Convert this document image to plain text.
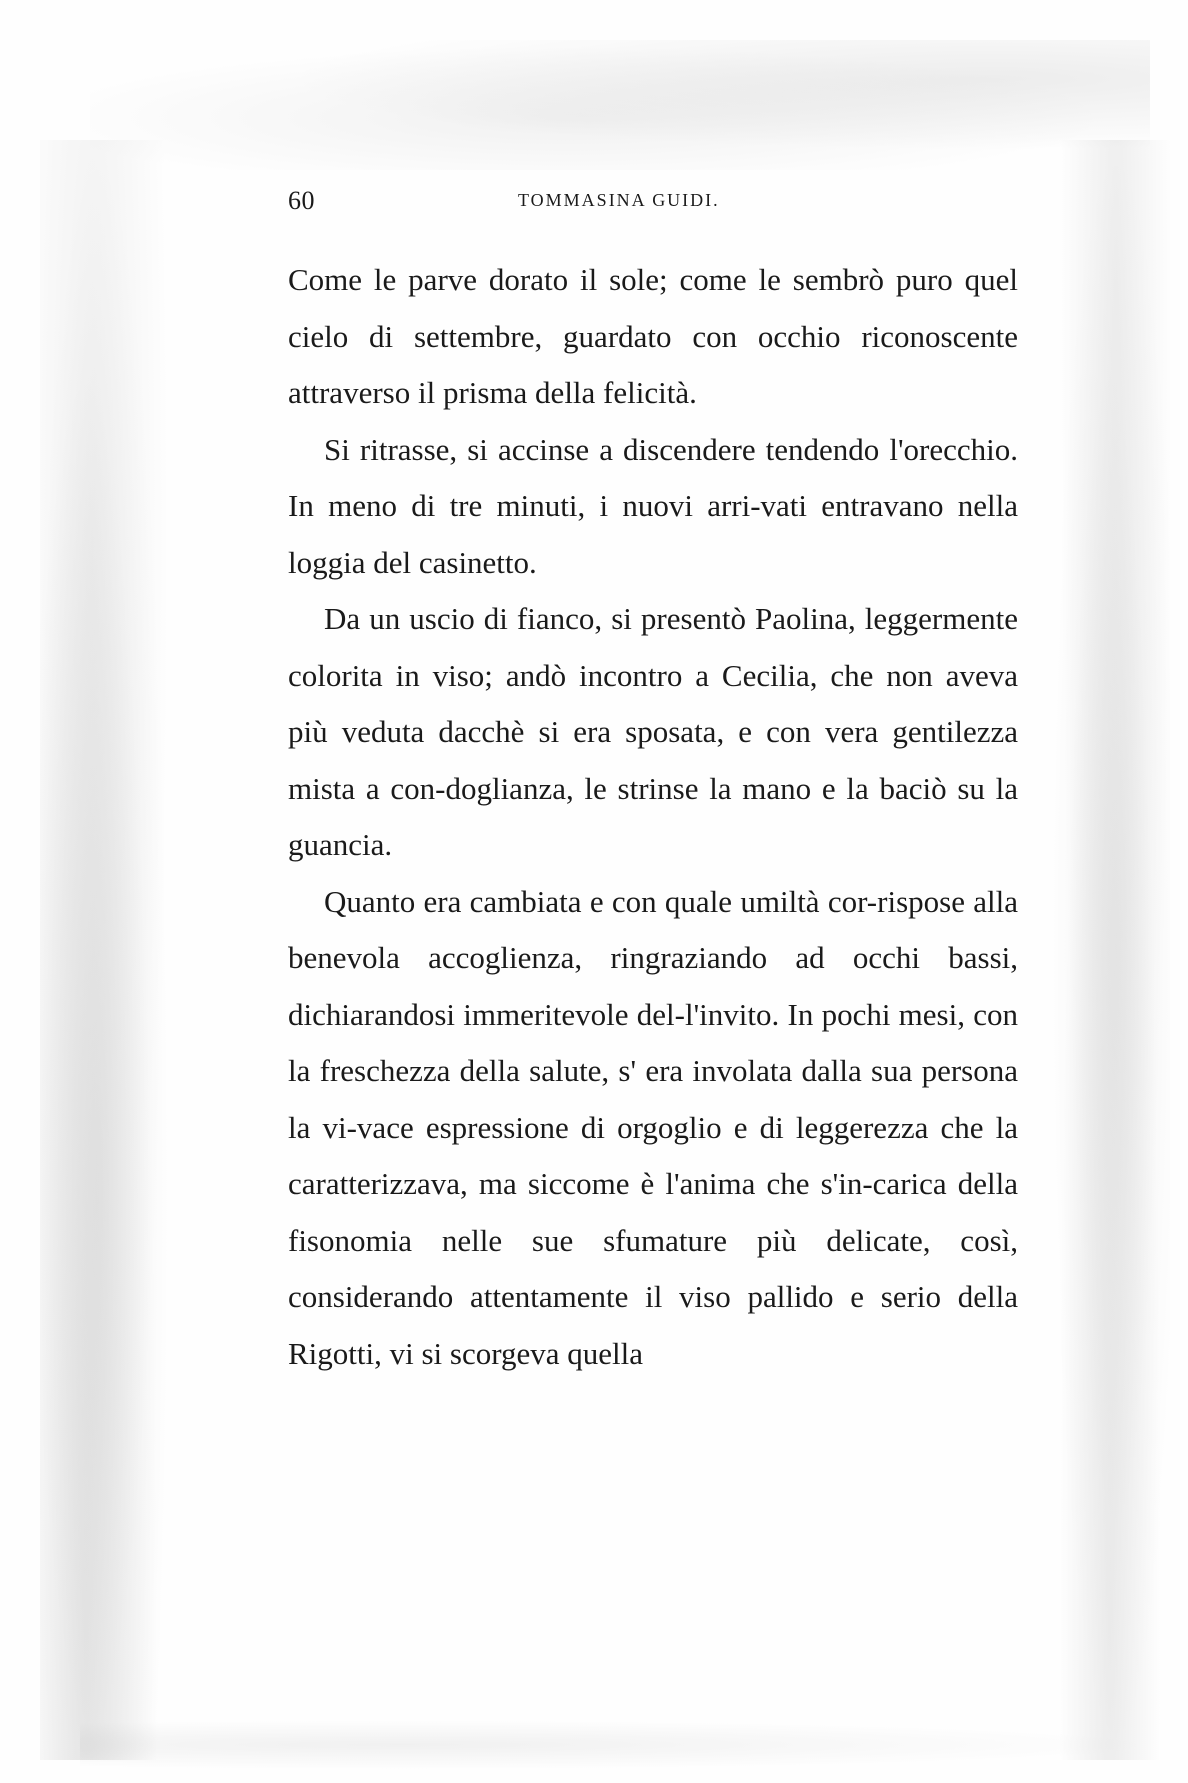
60	TOMMASINA GUIDI.

Come le parve dorato il sole; come le sembrò puro quel cielo di settembre, guardato con occhio riconoscente attraverso il prisma della felicità.

Si ritrasse, si accinse a discendere tendendo l'orecchio. In meno di tre minuti, i nuovi arri-vati entravano nella loggia del casinetto.

Da un uscio di fianco, si presentò Paolina, leggermente colorita in viso; andò incontro a Cecilia, che non aveva più veduta dacchè si era sposata, e con vera gentilezza mista a con-doglianza, le strinse la mano e la baciò su la guancia.

Quanto era cambiata e con quale umiltà cor-rispose alla benevola accoglienza, ringraziando ad occhi bassi, dichiarandosi immeritevole del-l'invito. In pochi mesi, con la freschezza della salute, s' era involata dalla sua persona la vi-vace espressione di orgoglio e di leggerezza che la caratterizzava, ma siccome è l'anima che s'in-carica della fisonomia nelle sue sfumature più delicate, così, considerando attentamente il viso pallido e serio della Rigotti, vi si scorgeva quella
